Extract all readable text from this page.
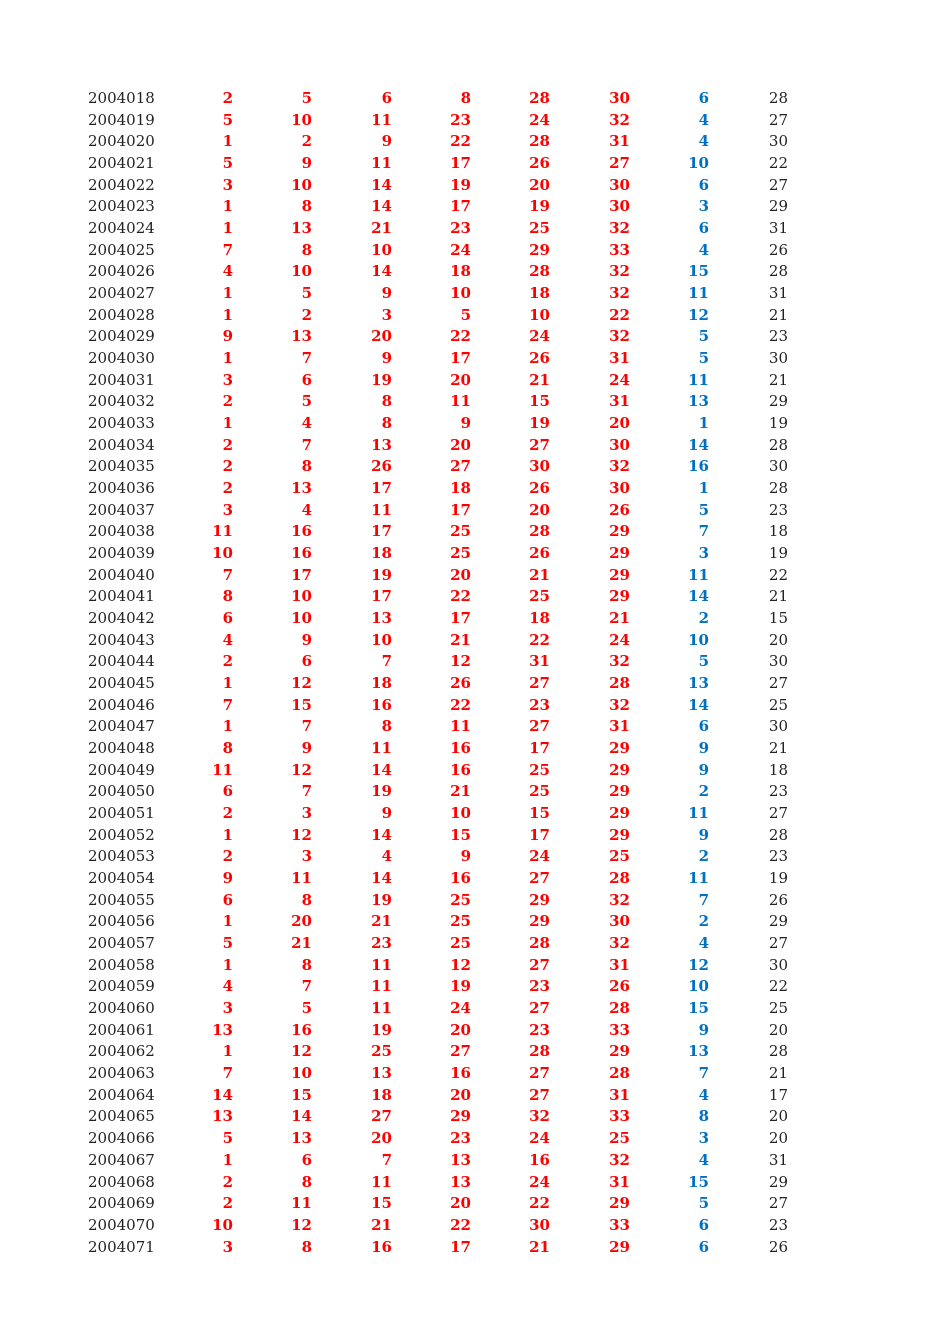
2004018	2	5	6	8	28	30	6	28
2004019	5	10	11	23	24	32	4	27
2004020	1	2	9	22	28	31	4	30
2004021	5	9	11	17	26	27	10	22
2004022	3	10	14	19	20	30	6	27
2004023	1	8	14	17	19	30	3	29
2004024	1	13	21	23	25	32	6	31
2004025	7	8	10	24	29	33	4	26
2004026	4	10	14	18	28	32	15	28
2004027	1	5	9	10	18	32	11	31
2004028	1	2	3	5	10	22	12	21
2004029	9	13	20	22	24	32	5	23
2004030	1	7	9	17	26	31	5	30
2004031	3	6	19	20	21	24	11	21
2004032	2	5	8	11	15	31	13	29
2004033	1	4	8	9	19	20	1	19
2004034	2	7	13	20	27	30	14	28
2004035	2	8	26	27	30	32	16	30
2004036	2	13	17	18	26	30	1	28
2004037	3	4	11	17	20	26	5	23
2004038	11	16	17	25	28	29	7	18
2004039	10	16	18	25	26	29	3	19
2004040	7	17	19	20	21	29	11	22
2004041	8	10	17	22	25	29	14	21
2004042	6	10	13	17	18	21	2	15
2004043	4	9	10	21	22	24	10	20
2004044	2	6	7	12	31	32	5	30
2004045	1	12	18	26	27	28	13	27
2004046	7	15	16	22	23	32	14	25
2004047	1	7	8	11	27	31	6	30
2004048	8	9	11	16	17	29	9	21
2004049	11	12	14	16	25	29	9	18
2004050	6	7	19	21	25	29	2	23
2004051	2	3	9	10	15	29	11	27
2004052	1	12	14	15	17	29	9	28
2004053	2	3	4	9	24	25	2	23
2004054	9	11	14	16	27	28	11	19
2004055	6	8	19	25	29	32	7	26
2004056	1	20	21	25	29	30	2	29
2004057	5	21	23	25	28	32	4	27
2004058	1	8	11	12	27	31	12	30
2004059	4	7	11	19	23	26	10	22
2004060	3	5	11	24	27	28	15	25
2004061	13	16	19	20	23	33	9	20
2004062	1	12	25	27	28	29	13	28
2004063	7	10	13	16	27	28	7	21
2004064	14	15	18	20	27	31	4	17
2004065	13	14	27	29	32	33	8	20
2004066	5	13	20	23	24	25	3	20
2004067	1	6	7	13	16	32	4	31
2004068	2	8	11	13	24	31	15	29
2004069	2	11	15	20	22	29	5	27
2004070	10	12	21	22	30	33	6	23
2004071	3	8	16	17	21	29	6	26
